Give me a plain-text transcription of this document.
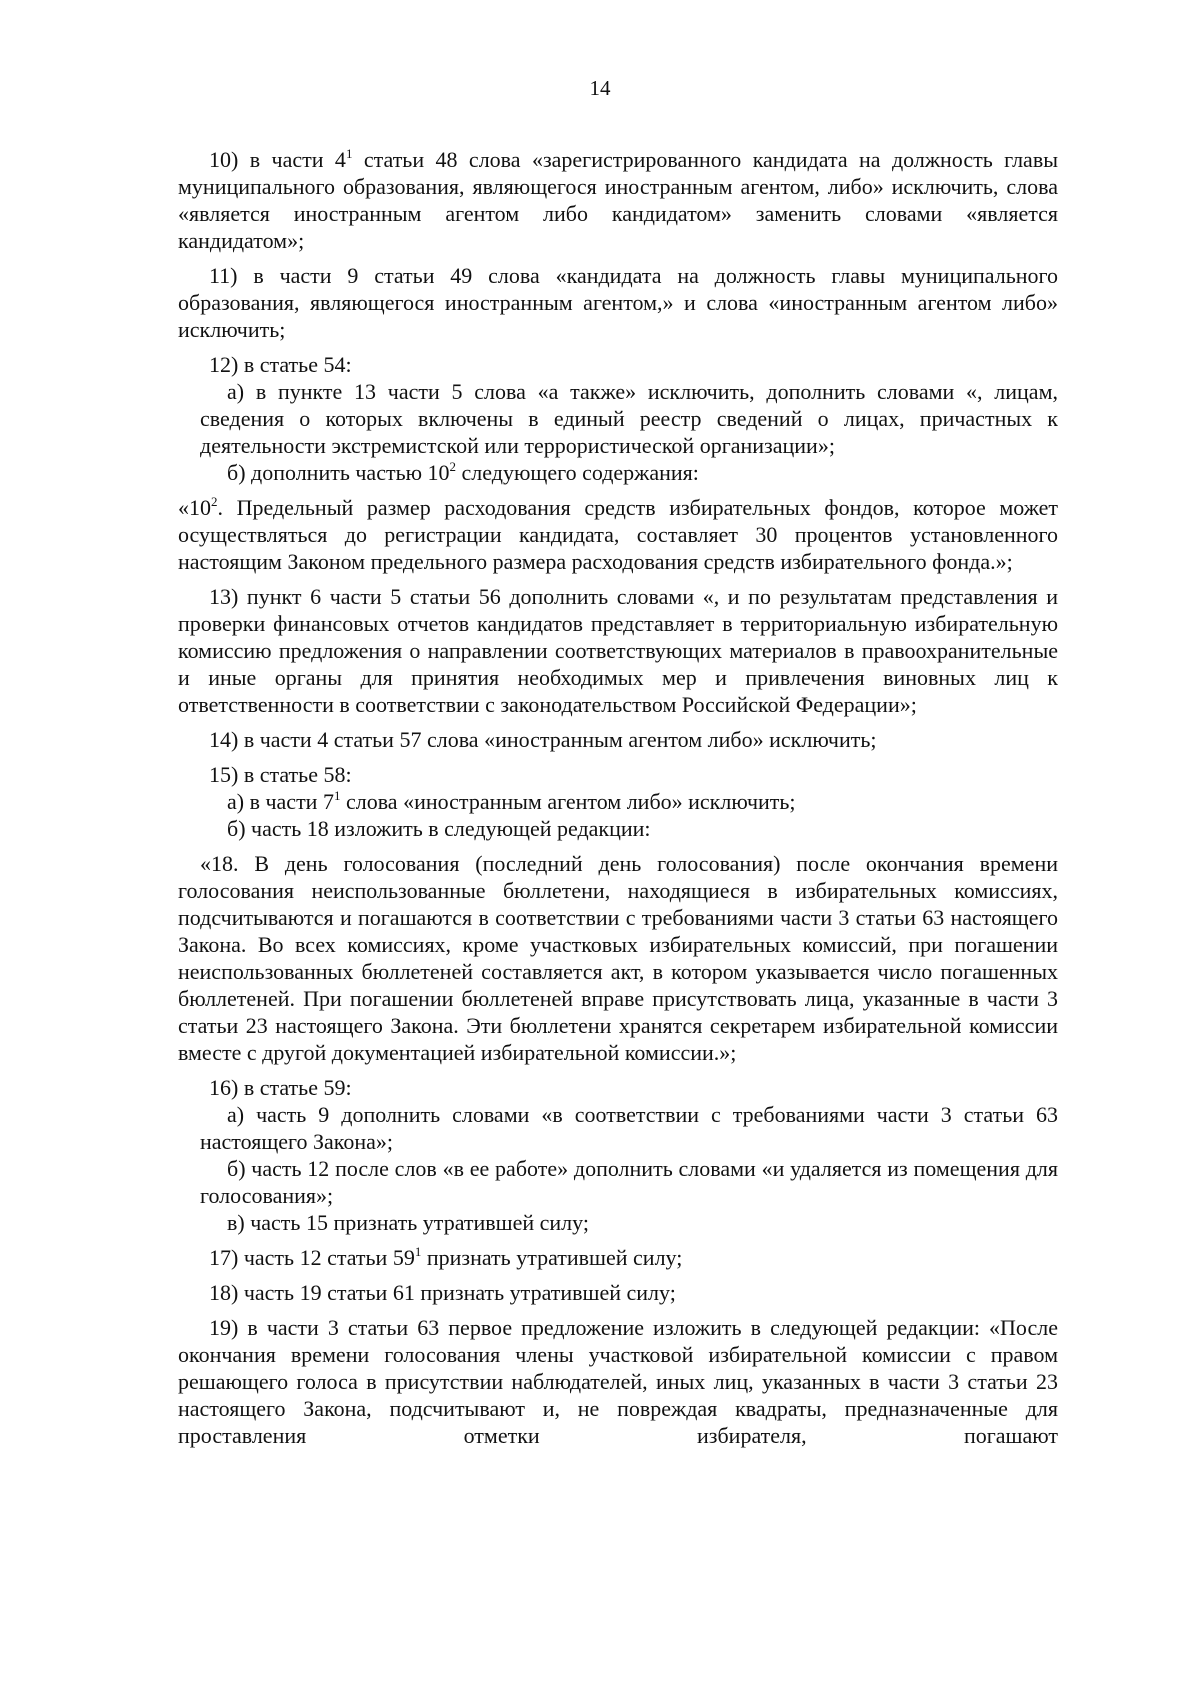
14

10) в части $4^1$ статьи 48 слова «зарегистрированного кандидата на должность главы муниципального образования, являющегося иностранным агентом, либо» исключить, слова «является иностранным агентом либо кандидатом» заменить словами «является кандидатом»;

11) в части 9 статьи 49 слова «кандидата на должность главы муниципального образования, являющегося иностранным агентом,» и слова «иностранным агентом либо» исключить;

12) в статье 54:

а) в пункте 13 части 5 слова «а также» исключить, дополнить словами «, лицам, сведения о которых включены в единый реестр сведений о лицах, причастных к деятельности экстремистской или террористической организации»;

б) дополнить частью $10^2$ следующего содержания:

«$10^2$. Предельный размер расходования средств избирательных фондов, которое может осуществляться до регистрации кандидата, составляет 30 процентов установленного настоящим Законом предельного размера расходования средств избирательного фонда.»;

13) пункт 6 части 5 статьи 56 дополнить словами «, и по результатам представления и проверки финансовых отчетов кандидатов представляет в территориальную избирательную комиссию предложения о направлении соответствующих материалов в правоохранительные и иные органы для принятия необходимых мер и привлечения виновных лиц к ответственности в соответствии с законодательством Российской Федерации»;

14) в части 4 статьи 57 слова «иностранным агентом либо» исключить;

15) в статье 58:

а) в части $7^1$ слова «иностранным агентом либо» исключить;

б) часть 18 изложить в следующей редакции:

«18. В день голосования (последний день голосования) после окончания времени голосования неиспользованные бюллетени, находящиеся в избирательных комиссиях, подсчитываются и погашаются в соответствии с требованиями части 3 статьи 63 настоящего Закона. Во всех комиссиях, кроме участковых избирательных комиссий, при погашении неиспользованных бюллетеней составляется акт, в котором указывается число погашенных бюллетеней. При погашении бюллетеней вправе присутствовать лица, указанные в части 3 статьи 23 настоящего Закона. Эти бюллетени хранятся секретарем избирательной комиссии вместе с другой документацией избирательной комиссии.»;

16) в статье 59:

а) часть 9 дополнить словами «в соответствии с требованиями части 3 статьи 63 настоящего Закона»;

б) часть 12 после слов «в ее работе» дополнить словами «и удаляется из помещения для голосования»;

в) часть 15 признать утратившей силу;

17) часть 12 статьи $59^1$ признать утратившей силу;

18) часть 19 статьи 61 признать утратившей силу;

19) в части 3 статьи 63 первое предложение изложить в следующей редакции: «После окончания времени голосования члены участковой избирательной комиссии с правом решающего голоса в присутствии наблюдателей, иных лиц, указанных в части 3 статьи 23 настоящего Закона, подсчитывают и, не повреждая квадраты, предназначенные для проставления отметки избирателя, погашают
